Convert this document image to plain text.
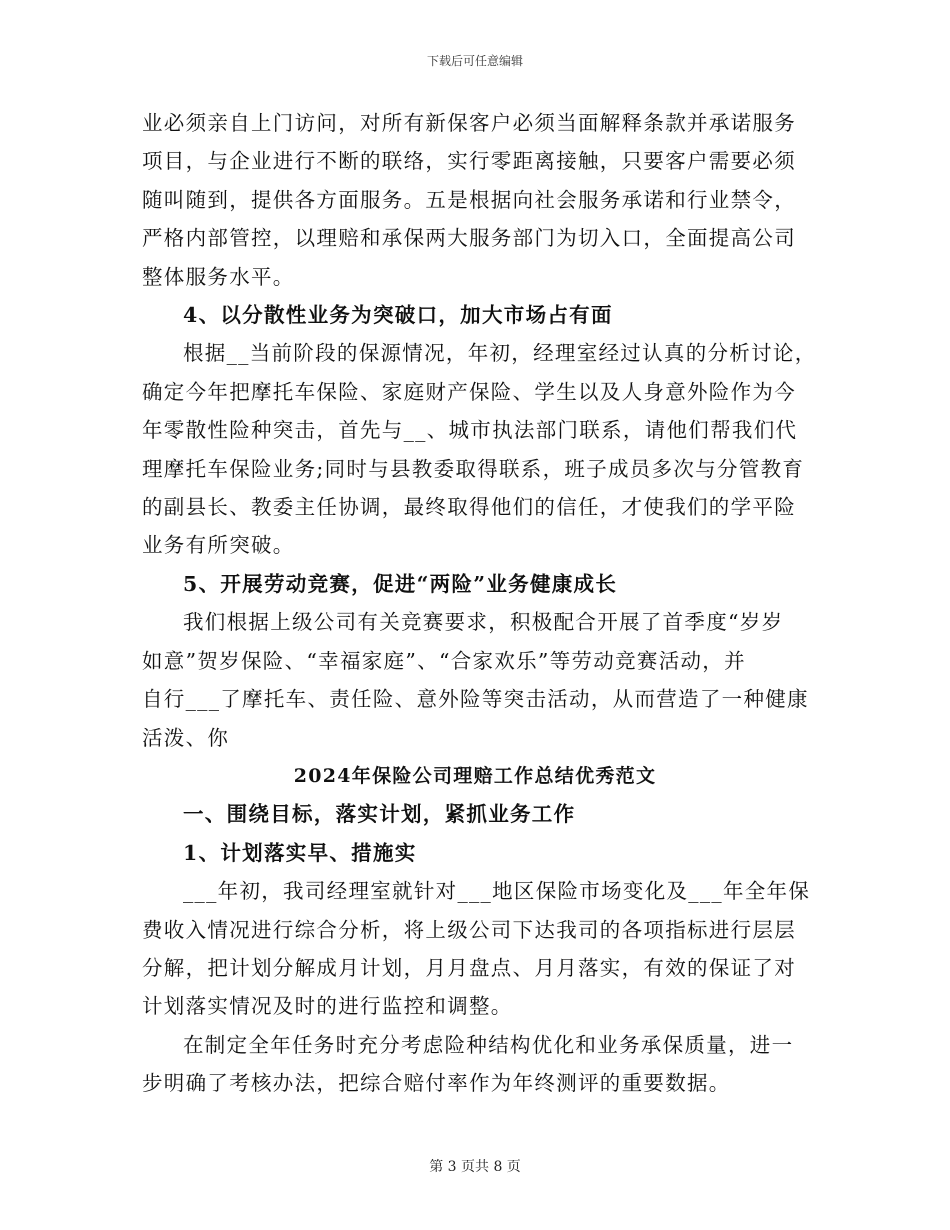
下载后可任意编辑
业必须亲自上门访问，对所有新保客户必须当面解释条款并承诺服务
项目，与企业进行不断的联络，实行零距离接触，只要客户需要必须
随叫随到，提供各方面服务。五是根据向社会服务承诺和行业禁令，
严格内部管控，以理赔和承保两大服务部门为切入口，全面提高公司
整体服务水平。
4、以分散性业务为突破口，加大市场占有面
根据__当前阶段的保源情况，年初，经理室经过认真的分析讨论，
确定今年把摩托车保险、家庭财产保险、学生以及人身意外险作为今
年零散性险种突击，首先与__、城市执法部门联系，请他们帮我们代
理摩托车保险业务;同时与县教委取得联系，班子成员多次与分管教育
的副县长、教委主任协调，最终取得他们的信任，才使我们的学平险
业务有所突破。
5、开展劳动竞赛，促进“两险”业务健康成长
我们根据上级公司有关竞赛要求，积极配合开展了首季度“岁岁
如意”贺岁保险、“幸福家庭”、“合家欢乐”等劳动竞赛活动，并
自行___了摩托车、责任险、意外险等突击活动，从而营造了一种健康
活泼、你
2024年保险公司理赔工作总结优秀范文
一、围绕目标，落实计划，紧抓业务工作
1、计划落实早、措施实
___年初，我司经理室就针对___地区保险市场变化及___年全年保
费收入情况进行综合分析，将上级公司下达我司的各项指标进行层层
分解，把计划分解成月计划，月月盘点、月月落实，有效的保证了对
计划落实情况及时的进行监控和调整。
在制定全年任务时充分考虑险种结构优化和业务承保质量，进一
步明确了考核办法，把综合赔付率作为年终测评的重要数据。
第 3 页共 8 页
